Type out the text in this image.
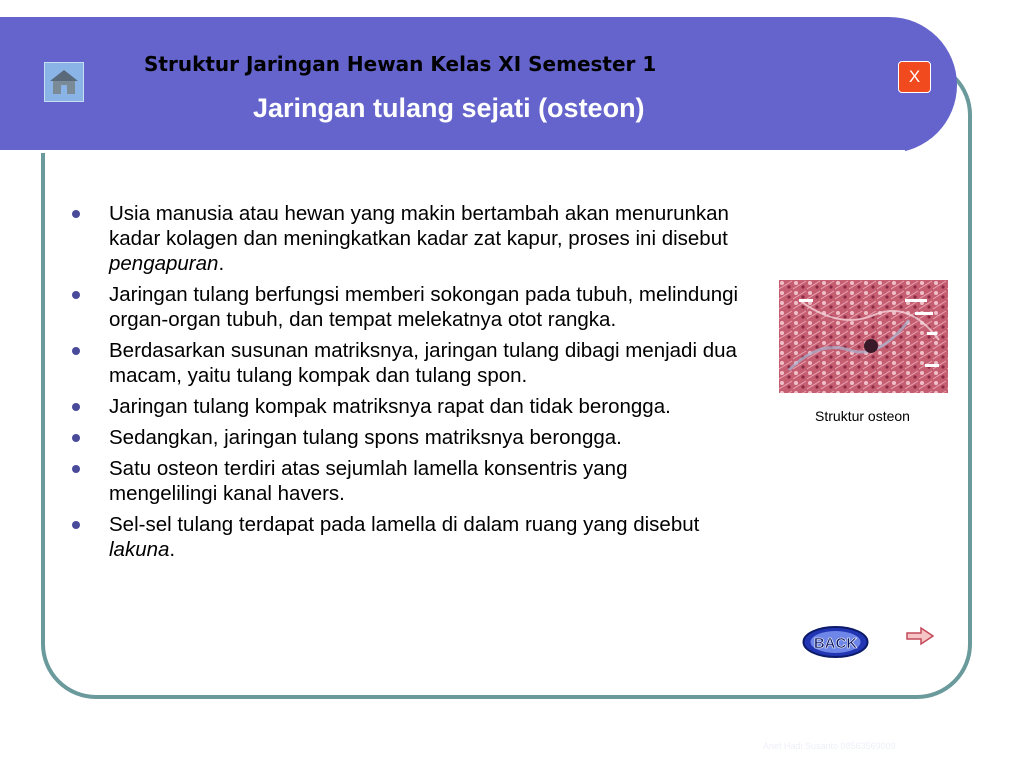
X
Struktur Jaringan Hewan Kelas XI Semester 1
Jaringan tulang sejati (osteon)
Usia manusia atau hewan yang makin bertambah akan menurunkan kadar kolagen dan meningkatkan kadar zat kapur, proses ini disebut pengapuran.
Jaringan tulang berfungsi memberi sokongan pada tubuh, melindungi organ-organ tubuh, dan tempat melekatnya otot rangka.
Berdasarkan susunan matriksnya, jaringan tulang dibagi menjadi dua macam, yaitu tulang kompak dan tulang spon.
Jaringan tulang kompak matriksnya rapat dan tidak berongga.
Sedangkan, jaringan tulang spons matriksnya berongga.
Satu osteon terdiri atas sejumlah lamella konsentris yang mengelilingi kanal havers.
Sel-sel tulang terdapat pada lamella di dalam ruang yang disebut lakuna.
Struktur osteon
BACK
Arief Hadi Susanto 08563569009
